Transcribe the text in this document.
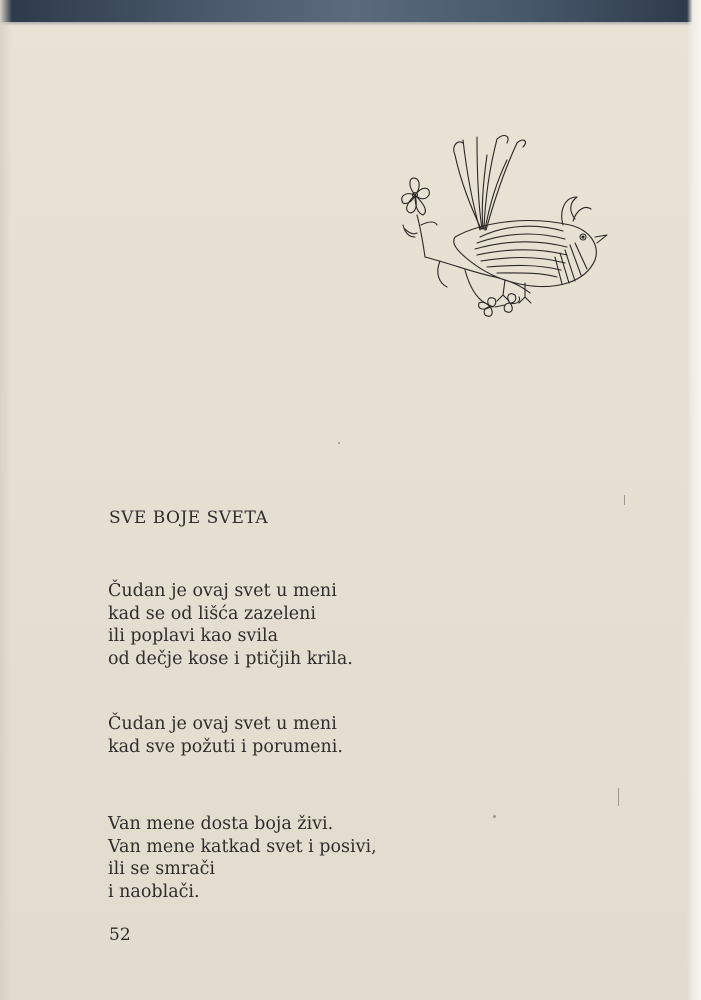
SVE BOJE SVETA
Čudan je ovaj svet u meni
kad se od lišća zazeleni
ili poplavi kao svila
od dečje kose i ptičjih krila.
Čudan je ovaj svet u meni
kad sve požuti i porumeni.
Van mene dosta boja živi.
Van mene katkad svet i posivi,
ili se smrači
i naoblači.
52
